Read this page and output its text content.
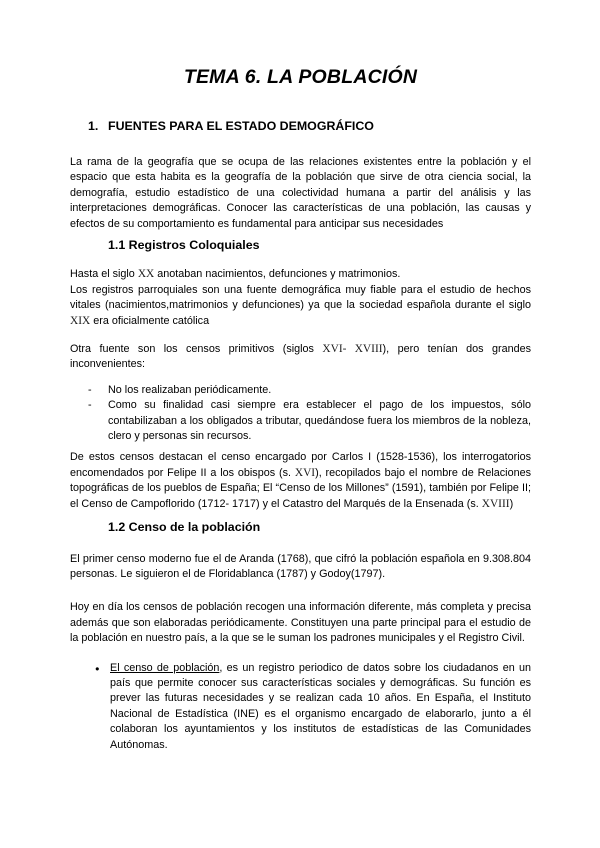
TEMA 6. LA POBLACIÓN
1. FUENTES PARA EL ESTADO DEMOGRÁFICO

La rama de la geografía que se ocupa de las relaciones existentes entre la población y el espacio que esta habita es la geografía de la población que sirve de otra ciencia social, la demografía, estudio estadístico de una colectividad humana a partir del análisis y las interpretaciones demográficas. Conocer las características de una población, las causas y efectos de su comportamiento es fundamental para anticipar sus necesidades

1.1 Registros Coloquiales

Hasta el siglo XX anotaban nacimientos, defunciones y matrimonios.

Los registros parroquiales son una fuente demográfica muy fiable para el estudio de hechos vitales (nacimientos,matrimonios y defunciones) ya que la sociedad española durante el siglo XIX era oficialmente católica

Otra fuente son los censos primitivos (siglos XVI- XVIII), pero tenían dos grandes inconvenientes:

-	No los realizaban periódicamente.
-	Como su finalidad casi siempre era establecer el pago de los impuestos, sólo contabilizaban a los obligados a tributar, quedándose fuera los miembros de la nobleza, clero y personas sin recursos.

De estos censos destacan el censo encargado por Carlos I (1528-1536), los interrogatorios encomendados por Felipe II a los obispos (s. XVI), recopilados bajo el nombre de Relaciones topográficas de los pueblos de España; El “Censo de los Millones” (1591), también por Felipe II; el Censo de Campoflorido (1712- 1717) y el Catastro del Marqués de la Ensenada (s. XVIII)

1.2 Censo de la población

El primer censo moderno fue el de Aranda (1768), que cifró la población española en 9.308.804 personas. Le siguieron el de Floridablanca (1787) y Godoy(1797).

Hoy en día los censos de población recogen una información diferente, más completa y precisa además que son elaboradas periódicamente. Constituyen una parte principal para el estudio de la población en nuestro país, a la que se le suman los padrones municipales y el Registro Civil.

● El censo de población, es un registro periodico de datos sobre los ciudadanos en un país que permite conocer sus características sociales y demográficas. Su función es prever las futuras necesidades y se realizan cada 10 años. En España, el Instituto Nacional de Estadística (INE) es el organismo encargado de elaborarlo, junto a él colaboran los ayuntamientos y los institutos de estadísticas de las Comunidades Autónomas.
